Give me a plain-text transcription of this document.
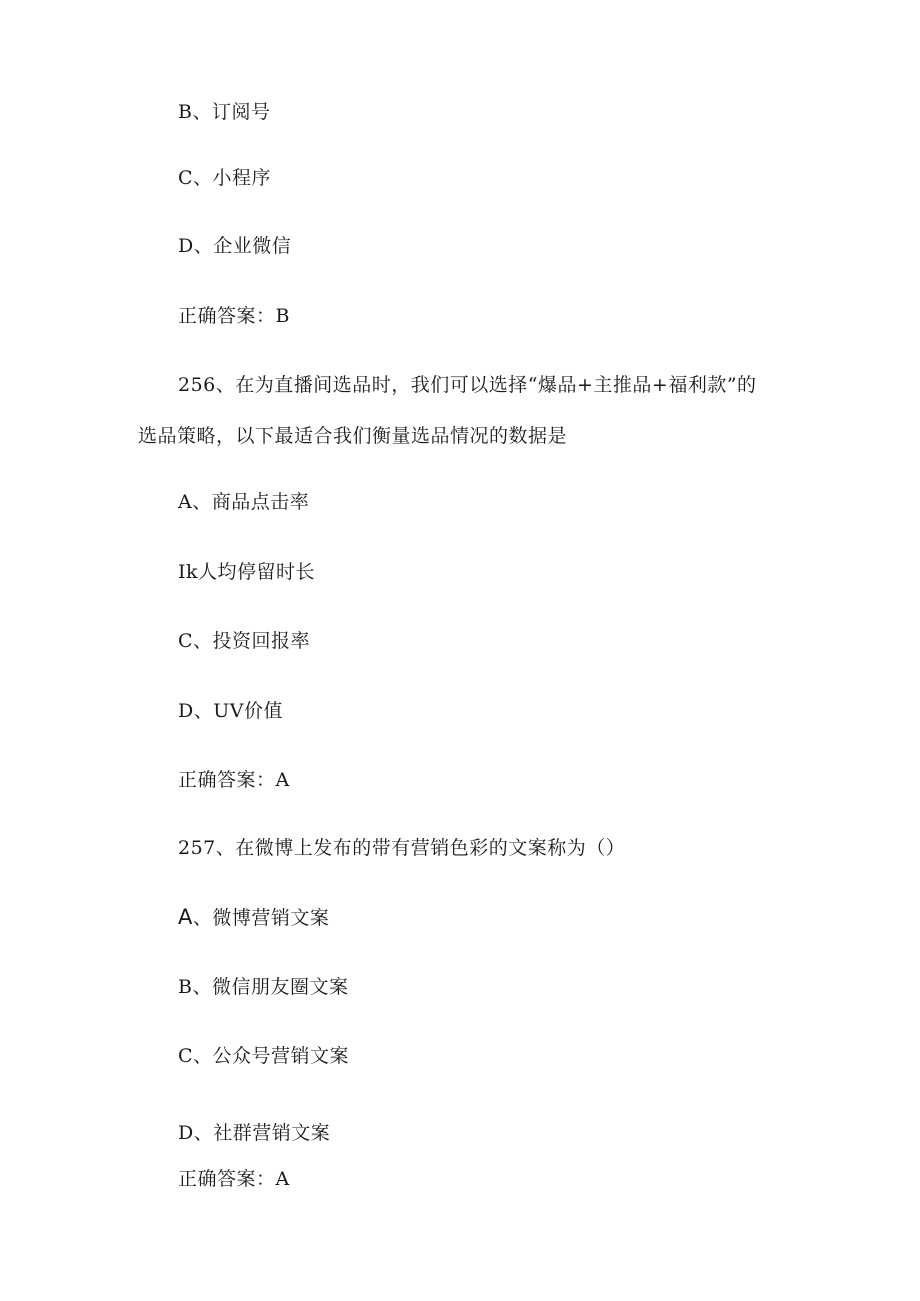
B、订阅号
C、小程序
D、企业微信
正确答案：B
256、在为直播间选品时，我们可以选择“爆品+主推品+福利款”的
选品策略，以下最适合我们衡量选品情况的数据是
A、商品点击率
Ik人均停留时长
C、投资回报率
D、UV价值
正确答案：A
257、在微博上发布的带有营销色彩的文案称为（）
A、微博营销文案
B、微信朋友圈文案
C、公众号营销文案
D、社群营销文案
正确答案：A
